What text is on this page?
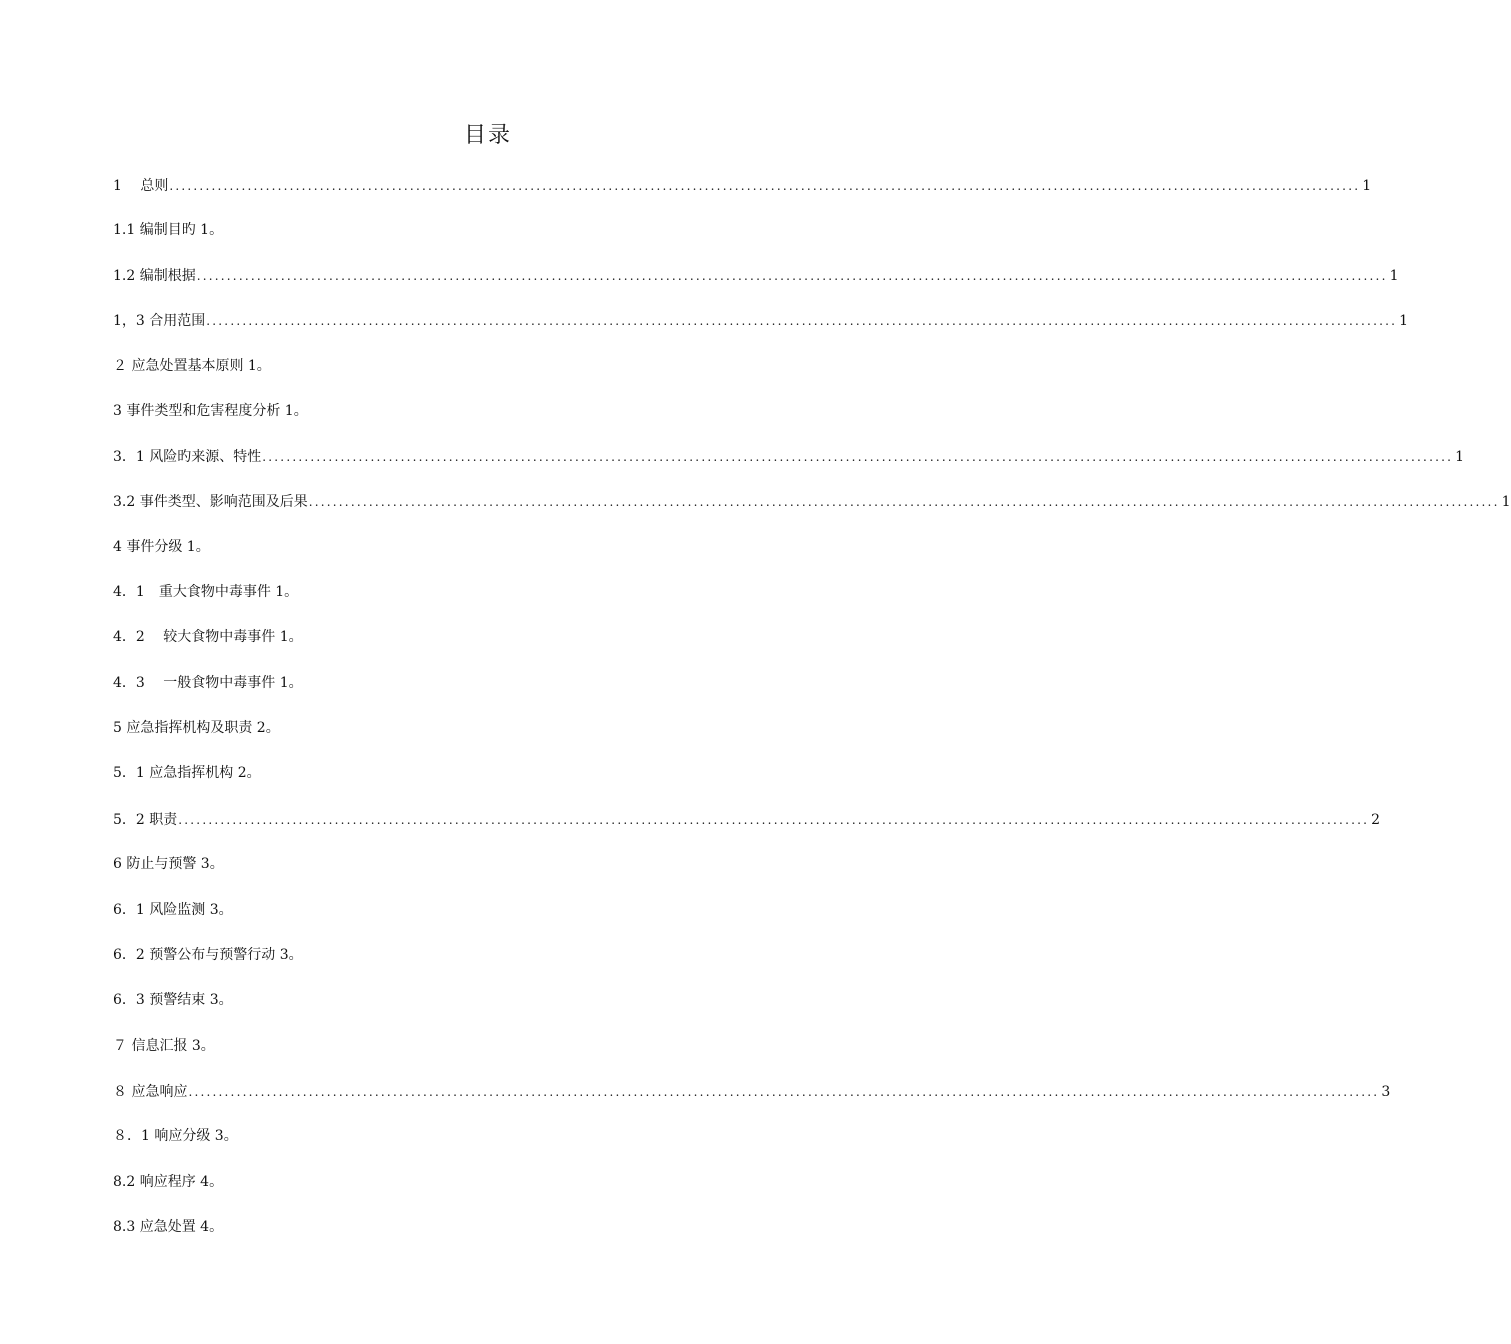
目录
1　 总则 ...................................................................................................................................................................................................... 1
1.1 编制目旳 1。
1.2 编制根据 ...................................................................................................................................................................................................... 1
1，3 合用范围 ...................................................................................................................................................................................................... 1
２ 应急处置基本原则 1。
3 事件类型和危害程度分析 1。
3．1 风险旳来源、特性 ...................................................................................................................................................................................................... 1
3.2 事件类型、影响范围及后果 ...................................................................................................................................................................................................... 1
4 事件分级 1。
4．1　重大食物中毒事件 1。
4．2　 较大食物中毒事件 1。
4．3　 一般食物中毒事件 1。
5 应急指挥机构及职责 2。
5．1 应急指挥机构 2。
5．2 职责 ...................................................................................................................................................................................................... 2
6 防止与预警 3。
6．1 风险监测 3。
6．2 预警公布与预警行动 3。
6．3 预警结束 3。
７ 信息汇报 3。
８ 应急响应 ...................................................................................................................................................................................................... 3
８．1 响应分级 3。
8.2 响应程序 4。
8.3 应急处置 4。
